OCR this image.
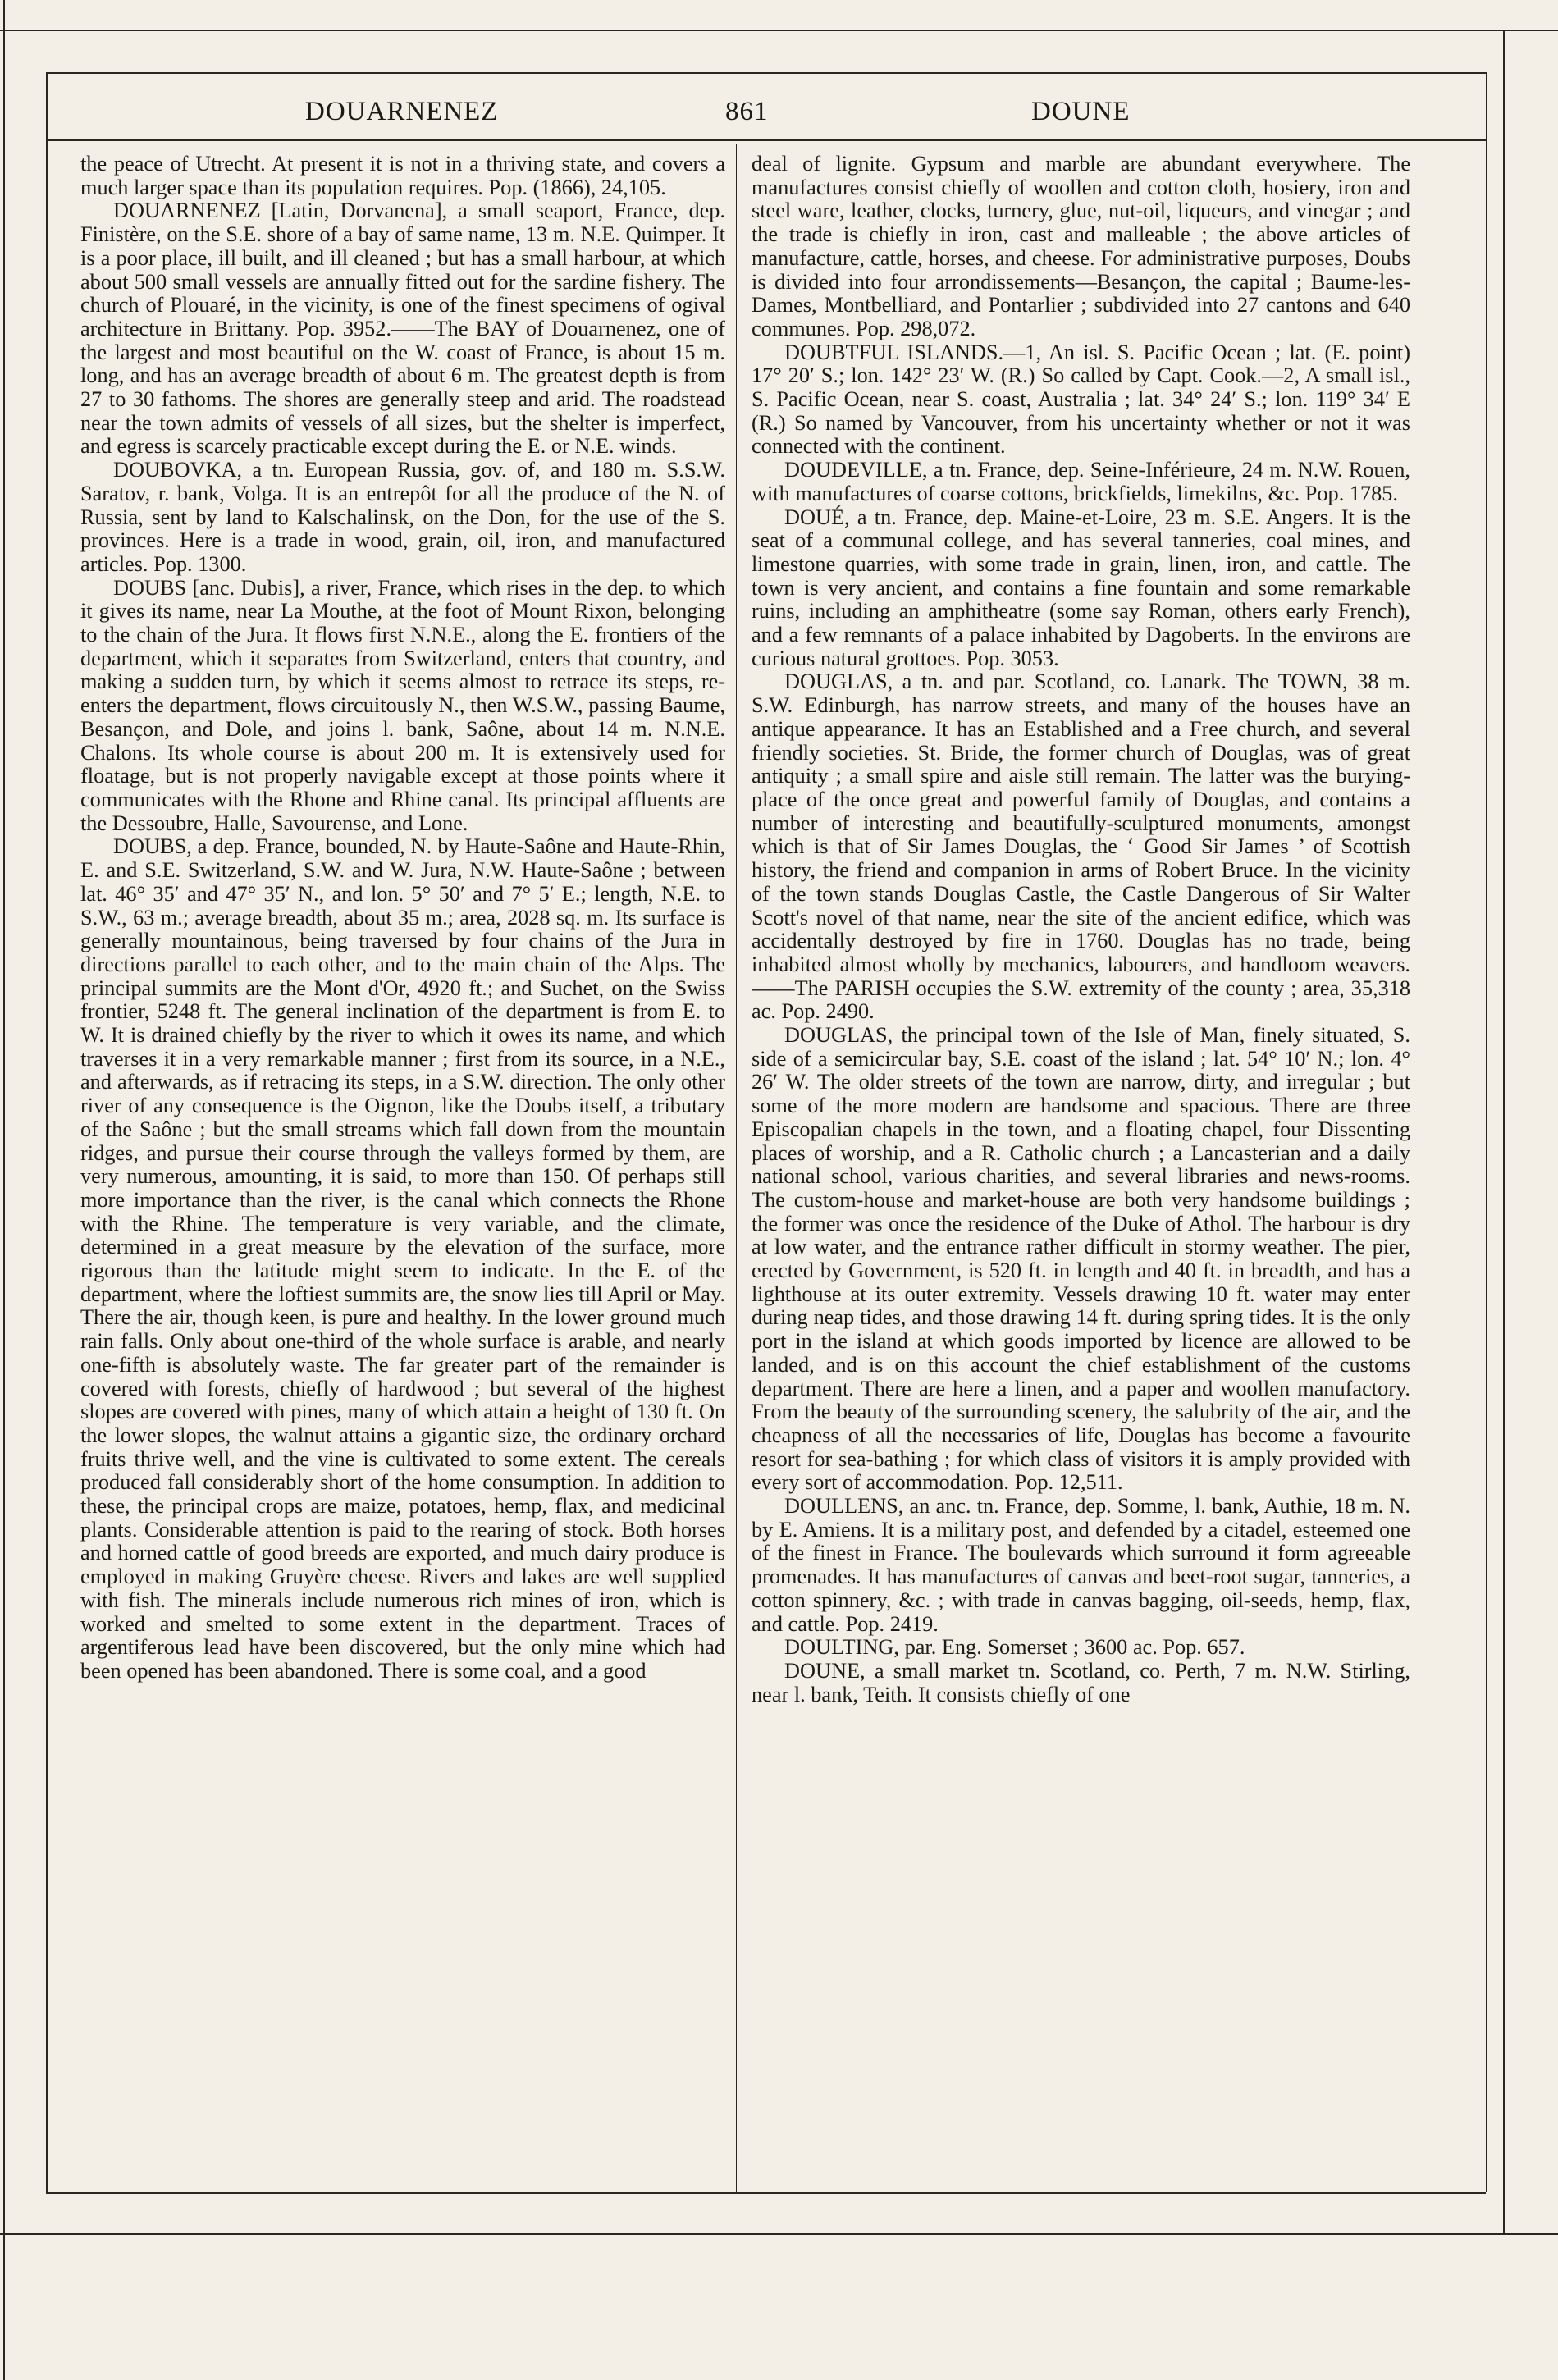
DOUARNENEZ	861	DOUNE

the peace of Utrecht. At present it is not in a thriving state, and covers a much larger space than its population requires. Pop. (1866), 24,105.

DOUARNENEZ [Latin, Dorvanena], a small seaport, France, dep. Finistère, on the S.E. shore of a bay of same name, 13 m. N.E. Quimper. It is a poor place, ill built, and ill cleaned ; but has a small harbour, at which about 500 small vessels are annually fitted out for the sardine fishery. The church of Plouaré, in the vicinity, is one of the finest specimens of ogival architecture in Brittany. Pop. 3952.——The BAY of Douarnenez, one of the largest and most beautiful on the W. coast of France, is about 15 m. long, and has an average breadth of about 6 m. The greatest depth is from 27 to 30 fathoms. The shores are generally steep and arid. The roadstead near the town admits of vessels of all sizes, but the shelter is imperfect, and egress is scarcely practicable except during the E. or N.E. winds.

DOUBOVKA, a tn. European Russia, gov. of, and 180 m. S.S.W. Saratov, r. bank, Volga. It is an entrepôt for all the produce of the N. of Russia, sent by land to Kalschalinsk, on the Don, for the use of the S. provinces. Here is a trade in wood, grain, oil, iron, and manufactured articles. Pop. 1300.

DOUBS [anc. Dubis], a river, France, which rises in the dep. to which it gives its name, near La Mouthe, at the foot of Mount Rixon, belonging to the chain of the Jura. It flows first N.N.E., along the E. frontiers of the department, which it separates from Switzerland, enters that country, and making a sudden turn, by which it seems almost to retrace its steps, re-enters the department, flows circuitously N., then W.S.W., passing Baume, Besançon, and Dole, and joins l. bank, Saône, about 14 m. N.N.E. Chalons. Its whole course is about 200 m. It is extensively used for floatage, but is not properly navigable except at those points where it communicates with the Rhone and Rhine canal. Its principal affluents are the Dessoubre, Halle, Savourense, and Lone.

DOUBS, a dep. France, bounded, N. by Haute-Saône and Haute-Rhin, E. and S.E. Switzerland, S.W. and W. Jura, N.W. Haute-Saône ; between lat. 46° 35′ and 47° 35′ N., and lon. 5° 50′ and 7° 5′ E.; length, N.E. to S.W., 63 m.; average breadth, about 35 m.; area, 2028 sq. m. Its surface is generally mountainous, being traversed by four chains of the Jura in directions parallel to each other, and to the main chain of the Alps. The principal summits are the Mont d'Or, 4920 ft.; and Suchet, on the Swiss frontier, 5248 ft. The general inclination of the department is from E. to W. It is drained chiefly by the river to which it owes its name, and which traverses it in a very remarkable manner ; first from its source, in a N.E., and afterwards, as if retracing its steps, in a S.W. direction. The only other river of any consequence is the Oignon, like the Doubs itself, a tributary of the Saône ; but the small streams which fall down from the mountain ridges, and pursue their course through the valleys formed by them, are very numerous, amounting, it is said, to more than 150. Of perhaps still more importance than the river, is the canal which connects the Rhone with the Rhine. The temperature is very variable, and the climate, determined in a great measure by the elevation of the surface, more rigorous than the latitude might seem to indicate. In the E. of the department, where the loftiest summits are, the snow lies till April or May. There the air, though keen, is pure and healthy. In the lower ground much rain falls. Only about one-third of the whole surface is arable, and nearly one-fifth is absolutely waste. The far greater part of the remainder is covered with forests, chiefly of hardwood ; but several of the highest slopes are covered with pines, many of which attain a height of 130 ft. On the lower slopes, the walnut attains a gigantic size, the ordinary orchard fruits thrive well, and the vine is cultivated to some extent. The cereals produced fall considerably short of the home consumption. In addition to these, the principal crops are maize, potatoes, hemp, flax, and medicinal plants. Considerable attention is paid to the rearing of stock. Both horses and horned cattle of good breeds are exported, and much dairy produce is employed in making Gruyère cheese. Rivers and lakes are well supplied with fish. The minerals include numerous rich mines of iron, which is worked and smelted to some extent in the department. Traces of argentiferous lead have been discovered, but the only mine which had been opened has been abandoned. There is some coal, and a good

deal of lignite. Gypsum and marble are abundant everywhere. The manufactures consist chiefly of woollen and cotton cloth, hosiery, iron and steel ware, leather, clocks, turnery, glue, nut-oil, liqueurs, and vinegar ; and the trade is chiefly in iron, cast and malleable ; the above articles of manufacture, cattle, horses, and cheese. For administrative purposes, Doubs is divided into four arrondissements—Besançon, the capital ; Baume-les-Dames, Montbelliard, and Pontarlier ; subdivided into 27 cantons and 640 communes. Pop. 298,072.

DOUBTFUL ISLANDS.—1, An isl. S. Pacific Ocean ; lat. (E. point) 17° 20′ S.; lon. 142° 23′ W. (R.) So called by Capt. Cook.—2, A small isl., S. Pacific Ocean, near S. coast, Australia ; lat. 34° 24′ S.; lon. 119° 34′ E (R.) So named by Vancouver, from his uncertainty whether or not it was connected with the continent.

DOUDEVILLE, a tn. France, dep. Seine-Inférieure, 24 m. N.W. Rouen, with manufactures of coarse cottons, brickfields, limekilns, &c. Pop. 1785.

DOUÉ, a tn. France, dep. Maine-et-Loire, 23 m. S.E. Angers. It is the seat of a communal college, and has several tanneries, coal mines, and limestone quarries, with some trade in grain, linen, iron, and cattle. The town is very ancient, and contains a fine fountain and some remarkable ruins, including an amphitheatre (some say Roman, others early French), and a few remnants of a palace inhabited by Dagoberts. In the environs are curious natural grottoes. Pop. 3053.

DOUGLAS, a tn. and par. Scotland, co. Lanark. The TOWN, 38 m. S.W. Edinburgh, has narrow streets, and many of the houses have an antique appearance. It has an Established and a Free church, and several friendly societies. St. Bride, the former church of Douglas, was of great antiquity ; a small spire and aisle still remain. The latter was the burying-place of the once great and powerful family of Douglas, and contains a number of interesting and beautifully-sculptured monuments, amongst which is that of Sir James Douglas, the ‘ Good Sir James ’ of Scottish history, the friend and companion in arms of Robert Bruce. In the vicinity of the town stands Douglas Castle, the Castle Dangerous of Sir Walter Scott's novel of that name, near the site of the ancient edifice, which was accidentally destroyed by fire in 1760. Douglas has no trade, being inhabited almost wholly by mechanics, labourers, and handloom weavers.——The PARISH occupies the S.W. extremity of the county ; area, 35,318 ac. Pop. 2490.

DOUGLAS, the principal town of the Isle of Man, finely situated, S. side of a semicircular bay, S.E. coast of the island ; lat. 54° 10′ N.; lon. 4° 26′ W. The older streets of the town are narrow, dirty, and irregular ; but some of the more modern are handsome and spacious. There are three Episcopalian chapels in the town, and a floating chapel, four Dissenting places of worship, and a R. Catholic church ; a Lancasterian and a daily national school, various charities, and several libraries and news-rooms. The custom-house and market-house are both very handsome buildings ; the former was once the residence of the Duke of Athol. The harbour is dry at low water, and the entrance rather difficult in stormy weather. The pier, erected by Government, is 520 ft. in length and 40 ft. in breadth, and has a lighthouse at its outer extremity. Vessels drawing 10 ft. water may enter during neap tides, and those drawing 14 ft. during spring tides. It is the only port in the island at which goods imported by licence are allowed to be landed, and is on this account the chief establishment of the customs department. There are here a linen, and a paper and woollen manufactory. From the beauty of the surrounding scenery, the salubrity of the air, and the cheapness of all the necessaries of life, Douglas has become a favourite resort for sea-bathing ; for which class of visitors it is amply provided with every sort of accommodation. Pop. 12,511.

DOULLENS, an anc. tn. France, dep. Somme, l. bank, Authie, 18 m. N. by E. Amiens. It is a military post, and defended by a citadel, esteemed one of the finest in France. The boulevards which surround it form agreeable promenades. It has manufactures of canvas and beet-root sugar, tanneries, a cotton spinnery, &c. ; with trade in canvas bagging, oil-seeds, hemp, flax, and cattle. Pop. 2419.

DOULTING, par. Eng. Somerset ; 3600 ac. Pop. 657.

DOUNE, a small market tn. Scotland, co. Perth, 7 m. N.W. Stirling, near l. bank, Teith. It consists chiefly of one
